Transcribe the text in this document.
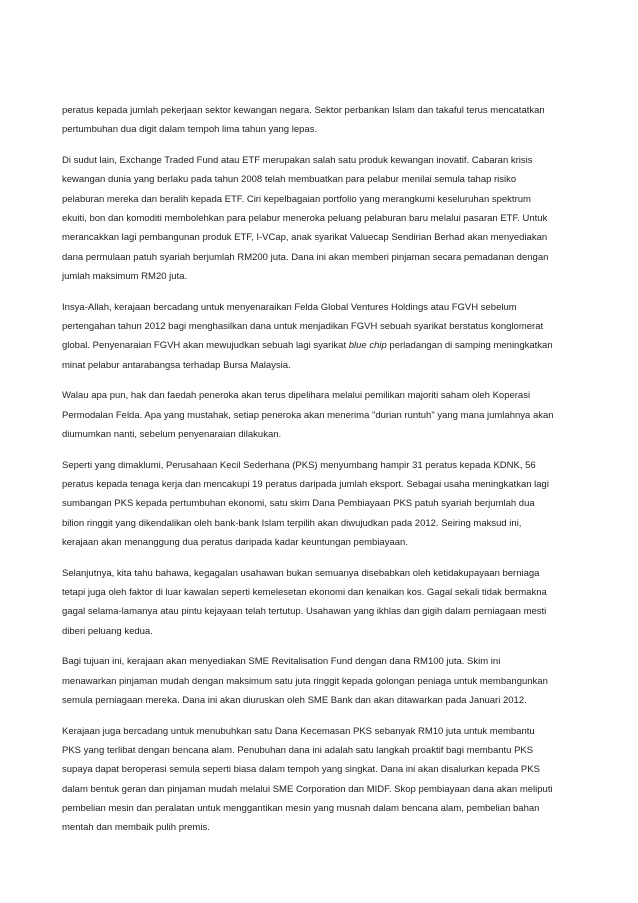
peratus kepada jumlah pekerjaan sektor kewangan negara. Sektor perbankan Islam dan takaful terus mencatatkan pertumbuhan dua digit dalam tempoh lima tahun yang lepas.

Di sudut lain, Exchange Traded Fund atau ETF merupakan salah satu produk kewangan inovatif. Cabaran krisis kewangan dunia yang berlaku pada tahun 2008 telah membuatkan para pelabur menilai semula tahap risiko pelaburan mereka dan beralih kepada ETF. Ciri kepelbagaian portfolio yang merangkumi keseluruhan spektrum ekuiti, bon dan komoditi membolehkan para pelabur meneroka peluang pelaburan baru melalui pasaran ETF. Untuk merancakkan lagi pembangunan produk ETF, I-VCap, anak syarikat Valuecap Sendirian Berhad akan menyediakan dana permulaan patuh syariah berjumlah RM200 juta. Dana ini akan memberi pinjaman secara pemadanan dengan jumlah maksimum RM20 juta.

Insya-Allah, kerajaan bercadang untuk menyenaraikan Felda Global Ventures Holdings atau FGVH sebelum pertengahan tahun 2012 bagi menghasilkan dana untuk menjadikan FGVH sebuah syarikat berstatus konglomerat global. Penyenaraian FGVH akan mewujudkan sebuah lagi syarikat blue chip perladangan di samping meningkatkan minat pelabur antarabangsa terhadap Bursa Malaysia.

Walau apa pun, hak dan faedah peneroka akan terus dipelihara melalui pemilikan majoriti saham oleh Koperasi Permodalan Felda. Apa yang mustahak, setiap peneroka akan menerima "durian runtuh" yang mana jumlahnya akan diumumkan nanti, sebelum penyenaraian dilakukan.

Seperti yang dimaklumi, Perusahaan Kecil Sederhana (PKS) menyumbang hampir 31 peratus kepada KDNK, 56 peratus kepada tenaga kerja dan mencakupi 19 peratus daripada jumlah eksport. Sebagai usaha meningkatkan lagi sumbangan PKS kepada pertumbuhan ekonomi, satu skim Dana Pembiayaan PKS patuh syariah berjumlah dua bilion ringgit yang dikendalikan oleh bank-bank Islam terpilih akan diwujudkan pada 2012. Seiring maksud ini, kerajaan akan menanggung dua peratus daripada kadar keuntungan pembiayaan.

Selanjutnya, kita tahu bahawa, kegagalan usahawan bukan semuanya disebabkan oleh ketidakupayaan berniaga tetapi juga oleh faktor di luar kawalan seperti kemelesetan ekonomi dan kenaikan kos. Gagal sekali tidak bermakna gagal selama-lamanya atau pintu kejayaan telah tertutup. Usahawan yang ikhlas dan gigih dalam perniagaan mesti diberi peluang kedua.

Bagi tujuan ini, kerajaan akan menyediakan SME Revitalisation Fund dengan dana RM100 juta. Skim ini menawarkan pinjaman mudah dengan maksimum satu juta ringgit kepada golongan peniaga untuk membangunkan semula perniagaan mereka. Dana ini akan diuruskan oleh SME Bank dan akan ditawarkan pada Januari 2012.

Kerajaan juga bercadang untuk menubuhkan satu Dana Kecemasan PKS sebanyak RM10 juta untuk membantu PKS yang terlibat dengan bencana alam. Penubuhan dana ini adalah satu langkah proaktif bagi membantu PKS supaya dapat beroperasi semula seperti biasa dalam tempoh yang singkat. Dana ini akan disalurkan kepada PKS dalam bentuk geran dan pinjaman mudah melalui SME Corporation dan MIDF. Skop pembiayaan dana akan meliputi pembelian mesin dan peralatan untuk menggantikan mesin yang musnah dalam bencana alam, pembelian bahan mentah dan membaik pulih premis.
